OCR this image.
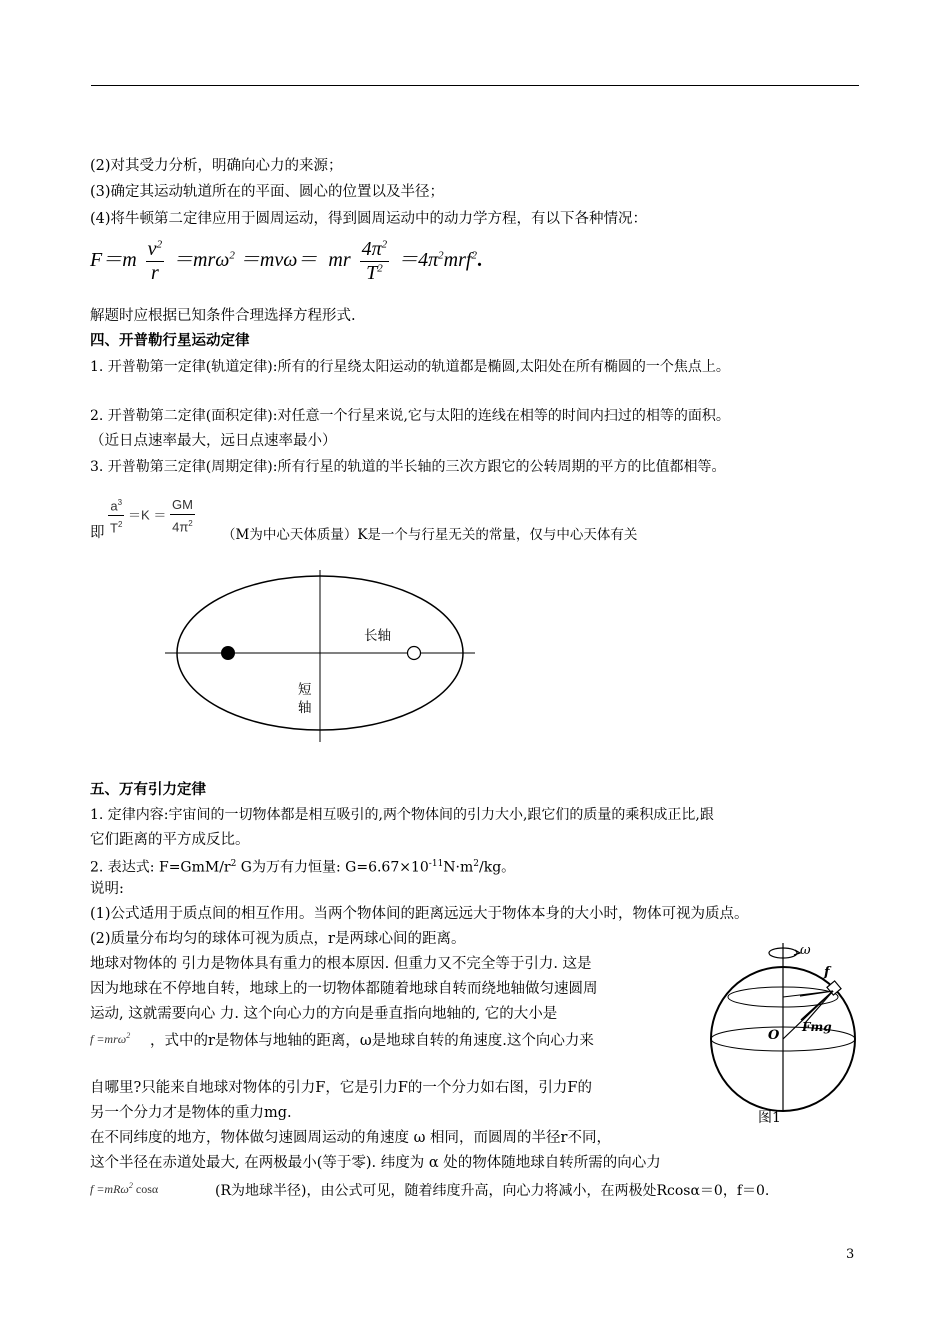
(2)对其受力分析，明确向心力的来源；
(3)确定其运动轨道所在的平面、圆心的位置以及半径；
(4)将牛顿第二定律应用于圆周运动，得到圆周运动中的动力学方程，有以下各种情况：
$F=m \frac{v^2}{r} =mr\omega^2 =mv\omega=$ mr $\frac{4\pi^2}{T^2} =4\pi^2mrf^2$.
解题时应根据已知条件合理选择方程形式.
四、开普勒行星运动定律
1. 开普勒第一定律(轨道定律):所有的行星绕太阳运动的轨道都是椭圆,太阳处在所有椭圆的一个焦点上。
2. 开普勒第二定律(面积定律):对任意一个行星来说,它与太阳的连线在相等的时间内扫过的相等的面积。
（近日点速率最大，远日点速率最小）
3. 开普勒第三定律(周期定律):所有行星的轨道的半长轴的三次方跟它的公转周期的平方的比值都相等。
即 $\frac{a^3}{T^2} =K = \frac{GM}{4\pi^2} (M$为中心天体质量）K是一个与行星无关的常量，仅与中心天体有关
长轴
短
轴
五、万有引力定律
1. 定律内容:宇宙间的一切物体都是相互吸引的,两个物体间的引力大小,跟它们的质量的乘积成正比,跟
它们距离的平方成反比。
2. 表达式: $F=GmM/r^2$ G为万有力恒量: $G=6.67\times 10^{-11}N\cdot m^2/kg$。
说明:
(1)公式适用于质点间的相互作用。当两个物体间的距离远远大于物体本身的大小时，物体可视为质点。
(2)质量分布均匀的球体可视为质点，r是两球心间的距离。
地球对物体的 引力是物体具有重力的根本原因. 但重力又不完全等于引力. 这是
因为地球在不停地自转，地球上的一切物体都随着地球自转而绕地轴做匀速圆周
运动, 这就需要向心 力. 这个向心力的方向是垂直指向地轴的, 它的大小是
f =mrω$^2$ ，式中的r是物体与地轴的距离，ω是地球自转的角速度.这个向心力来
自哪里?只能来自地球对物体的引力F，它是引力F的一个分力如右图，引力F的
另一个分力才是物体的重力mg.
在不同纬度的地方，物体做匀速圆周运动的角速度 ω 相同，而圆周的半径r不同，
这个半径在赤道处最大, 在两极最小(等于零). 纬度为 α 处的物体随地球自转所需的向心力
f =mRω$^2$ cosα	(R为地球半径)，由公式可见，随着纬度升高，向心力将减小，在两极处Rcosα＝0，f＝0.
ω
f
O
Fmg
图1
3
